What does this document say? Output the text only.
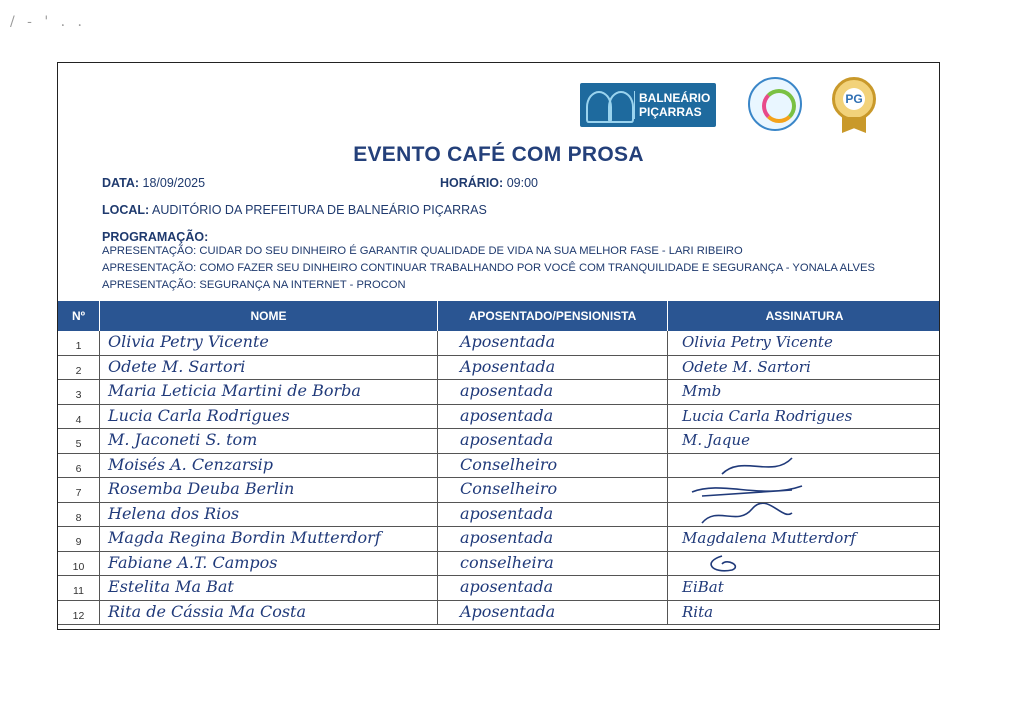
/ - ' . .
BALNEÁRIO
PIÇARRAS
PG
EVENTO CAFÉ COM PROSA
DATA: 18/09/2025	HORÁRIO: 09:00
LOCAL: AUDITÓRIO DA PREFEITURA DE BALNEÁRIO PIÇARRAS
PROGRAMAÇÃO:
APRESENTAÇÃO: CUIDAR DO SEU DINHEIRO É GARANTIR QUALIDADE DE VIDA NA SUA MELHOR FASE - LARI RIBEIRO
APRESENTAÇÃO: COMO FAZER SEU DINHEIRO CONTINUAR TRABALHANDO POR VOCÊ COM TRANQUILIDADE E SEGURANÇA - YONALA ALVES
APRESENTAÇÃO: SEGURANÇA NA INTERNET - PROCON
Nº	NOME	APOSENTADO/PENSIONISTA	ASSINATURA
1	Olivia Petry Vicente	Aposentada	Olivia Petry Vicente
2	Odete M. Sartori	Aposentada	Odete M. Sartori
3	Maria Leticia Martini de Borba	aposentada	Mmb
4	Lucia Carla Rodrigues	aposentada	Lucia Carla Rodrigues
5	M. Jaconeti S. tom	aposentada	M. Jaque
6	Moisés A. Cenzarsip	Conselheiro
7	Rosemba Deuba Berlin	Conselheiro
8	Helena dos Rios	aposentada
9	Magda Regina Bordin Mutterdorf	aposentada	Magdalena Mutterdorf
10	Fabiane A.T. Campos	conselheira
11	Estelita Ma Bat	aposentada	EiBat
12	Rita de Cássia Ma Costa	Aposentada	Rita
